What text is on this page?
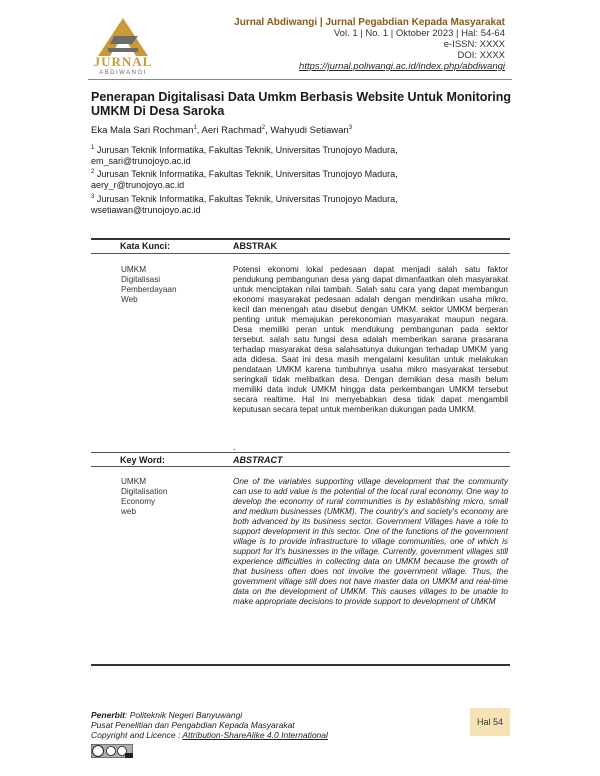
JURNAL
ABDIWANGI
Jurnal Abdiwangi | Jurnal Pegabdian Kepada Masyarakat
Vol. 1 | No. 1 | Oktober 2023 | Hal: 54-64
e-ISSN: XXXX
DOI: XXXX
https://jurnal.poliwangi.ac.id/index.php/abdiwangi
Penerapan Digitalisasi Data Umkm Berbasis Website Untuk Monitoring UMKM Di Desa Saroka
Eka Mala Sari Rochman$^1$, Aeri Rachmad$^2$, Wahyudi Setiawan$^3$
$^1$ Jurusan Teknik Informatika, Fakultas Teknik, Universitas Trunojoyo Madura,
em_sari@trunojoyo.ac.id
$^2$ Jurusan Teknik Informatika, Fakultas Teknik, Universitas Trunojoyo Madura,
aery_r@trunojoyo.ac.id
$^3$ Jurusan Teknik Informatika, Fakultas Teknik, Universitas Trunojoyo Madura,
wsetiawan@trunojoyo.ac.id
Kata Kunci:	ABSTRAK
UMKM
Digitalisasi
Pemberdayaan
Web
Potensi ekonomi lokal pedesaan dapat menjadi salah satu faktor pendukung pembangunan desa yang dapat dimanfaatkan oleh masyarakat untuk menciptakan nilai tambah. Salah satu cara yang dapat membangun ekonomi masyarakat pedesaan adalah dengan mendirikan usaha mikro, kecil dan menengah atau disebut dengan UMKM. sektor UMKM berperan penting untuk memajukan perekonomian masyarakat maupun negara. Desa memiliki peran untuk mendukung pembangunan pada sektor tersebut. salah satu fungsi desa adalah memberikan sarana prasarana terhadap masyarakat desa salahsatunya dukungan terhadap UMKM yang ada didesa. Saat ini desa masih mengalami kesulitan untuk melakukan pendataan UMKM karena tumbuhnya usaha mikro masyarakat tersebut seringkali tidak melibatkan desa. Dengan demikian desa masih belum memiliki data induk UMKM hingga data perkembangan UMKM tersebut secara realtime. Hal ini menyebabkan desa tidak dapat mengambil keputusan secara tepat untuk memberikan dukungan pada UMKM.
.
Key Word:	ABSTRACT
UMKM
Digitalisation
Economy
web
One of the variables supporting village development that the community can use to add value is the potential of the local rural economy. One way to develop the economy of rural communities is by establishing micro, small and medium businesses (UMKM). The country's and society's economy are both advanced by its business sector. Government Villages have a role to support development in this sector. One of the functions of the government village is to provide infrastructure to village communities, one of which is support for It's businesses in the village. Currently, government villages still experience difficulties in collecting data on UMKM because the growth of that business often does not involve the government village. Thus, the government village still does not have master data on UMKM and real-time data on the development of UMKM. This causes villages to be unable to make appropriate decisions to provide support to development of UMKM
Penerbit: Politeknik Negeri Banyuwangi
Pusat Penelitian dan Pengabdian Kepada Masyarakat
Copyright and Licence : Attribution-ShareAlike 4.0 International
Hal 54
